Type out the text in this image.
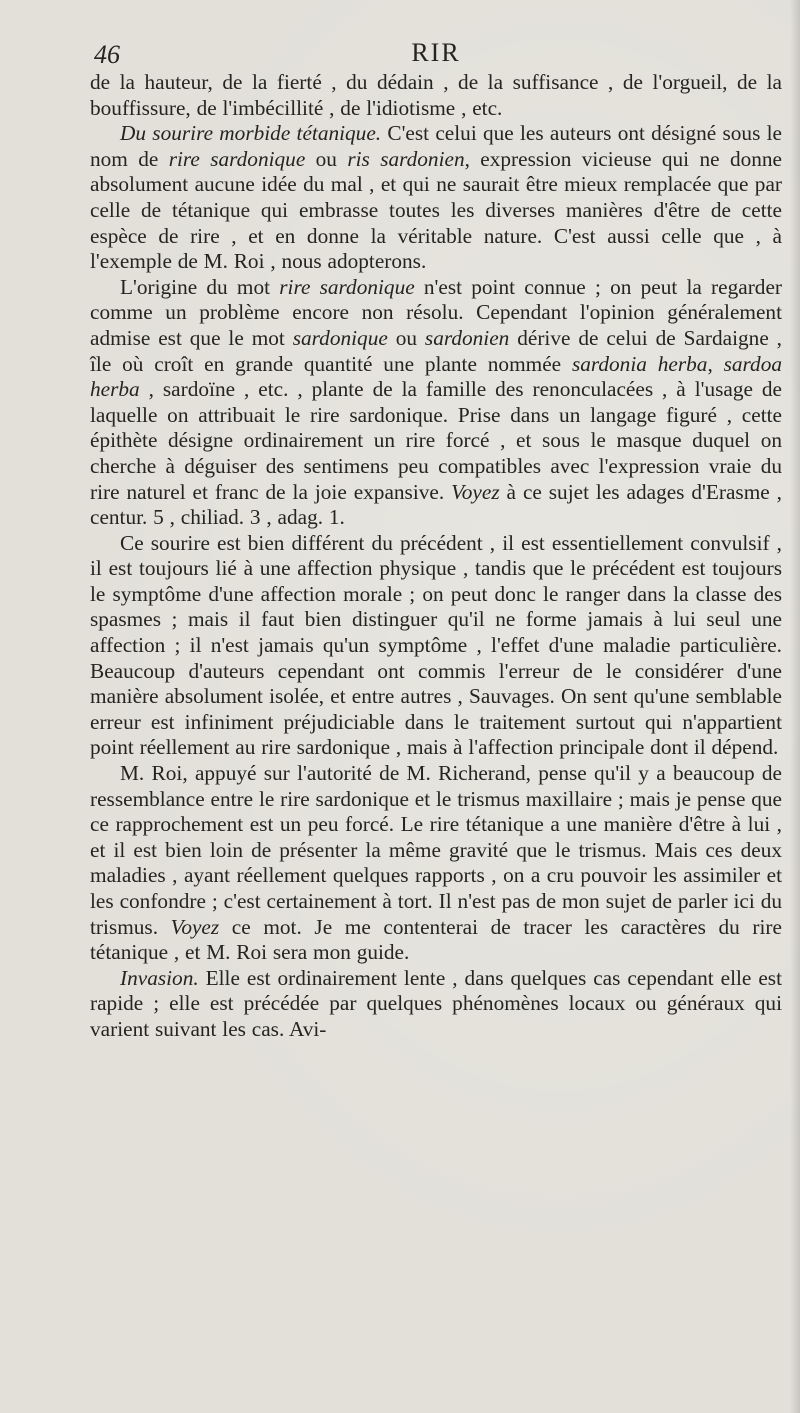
46	RIR

de la hauteur, de la fierté , du dédain , de la suffisance , de l'orgueil, de la bouffissure, de l'imbécillité , de l'idiotisme , etc.

Du sourire morbide tétanique. C'est celui que les auteurs ont désigné sous le nom de rire sardonique ou ris sardonien, expression vicieuse qui ne donne absolument aucune idée du mal , et qui ne saurait être mieux remplacée que par celle de tétanique qui embrasse toutes les diverses manières d'être de cette espèce de rire , et en donne la véritable nature. C'est aussi celle que , à l'exemple de M. Roi , nous adopterons.

L'origine du mot rire sardonique n'est point connue ; on peut la regarder comme un problème encore non résolu. Cependant l'opinion généralement admise est que le mot sardonique ou sardonien dérive de celui de Sardaigne , île où croît en grande quantité une plante nommée sardonia herba, sardoa herba , sardoïne , etc. , plante de la famille des renonculacées , à l'usage de laquelle on attribuait le rire sardonique. Prise dans un langage figuré , cette épithète désigne ordinairement un rire forcé , et sous le masque duquel on cherche à déguiser des sentimens peu compatibles avec l'expression vraie du rire naturel et franc de la joie expansive. Voyez à ce sujet les adages d'Erasme , centur. 5 , chiliad. 3 , adag. 1.

Ce sourire est bien différent du précédent , il est essentiellement convulsif , il est toujours lié à une affection physique , tandis que le précédent est toujours le symptôme d'une affection morale ; on peut donc le ranger dans la classe des spasmes ; mais il faut bien distinguer qu'il ne forme jamais à lui seul une affection ; il n'est jamais qu'un symptôme , l'effet d'une maladie particulière. Beaucoup d'auteurs cependant ont commis l'erreur de le considérer d'une manière absolument isolée, et entre autres , Sauvages. On sent qu'une semblable erreur est infiniment préjudiciable dans le traitement surtout qui n'appartient point réellement au rire sardonique , mais à l'affection principale dont il dépend.

M. Roi, appuyé sur l'autorité de M. Richerand, pense qu'il y a beaucoup de ressemblance entre le rire sardonique et le trismus maxillaire ; mais je pense que ce rapprochement est un peu forcé. Le rire tétanique a une manière d'être à lui , et il est bien loin de présenter la même gravité que le trismus. Mais ces deux maladies , ayant réellement quelques rapports , on a cru pouvoir les assimiler et les confondre ; c'est certainement à tort. Il n'est pas de mon sujet de parler ici du trismus. Voyez ce mot. Je me contenterai de tracer les caractères du rire tétanique , et M. Roi sera mon guide.

Invasion. Elle est ordinairement lente , dans quelques cas cependant elle est rapide ; elle est précédée par quelques phénomènes locaux ou généraux qui varient suivant les cas. Avi-
